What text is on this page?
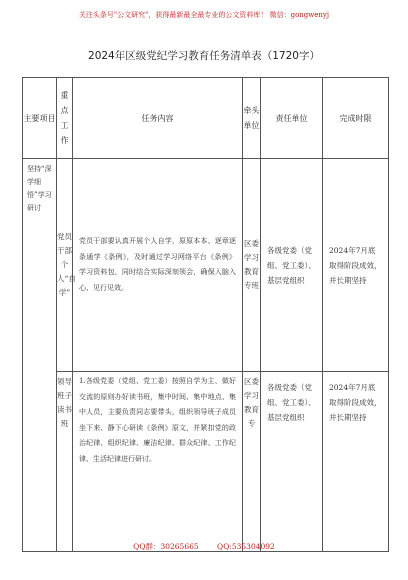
关注头条号"公文研究"，获得最新最全最专业的公文资料库！ 微信：gongwenyj
2024年区级党纪学习教育任务清单表（1720字）
主要项目	重点工作	任务内容	牵头单位	责任单位	完成时限
坚持“深学细悟”学习研讨	党员干部个人“自学”	党员干部要认真开展个人自学，原原本本、逐章逐条通学《条例》，及时通过学习网络平台《条例》学习资料包，同时结合实际深刻领会，确保入脑入心、见行见效。	区委学习教育专班	各级党委（党组、党工委）、基层党组织	2024年7月底取得阶段成效，并长期坚持
	领导班子读书班	1.各级党委（党组、党工委）按照自学为主、做好交流的原则办好读书班，集中时间、集中地点、集中人员，主要负责同志要带头，组织领导班子成员坐下来、静下心研读《条例》原文，并紧扣党的政治纪律、组织纪律、廉洁纪律、群众纪律、工作纪律、生活纪律进行研讨。	区委学习教育专	各级党委（党组、党工委）、基层党组织	2024年7月底取得阶段成效，并长期坚持
QQ群：30265665 QQ:535304092
